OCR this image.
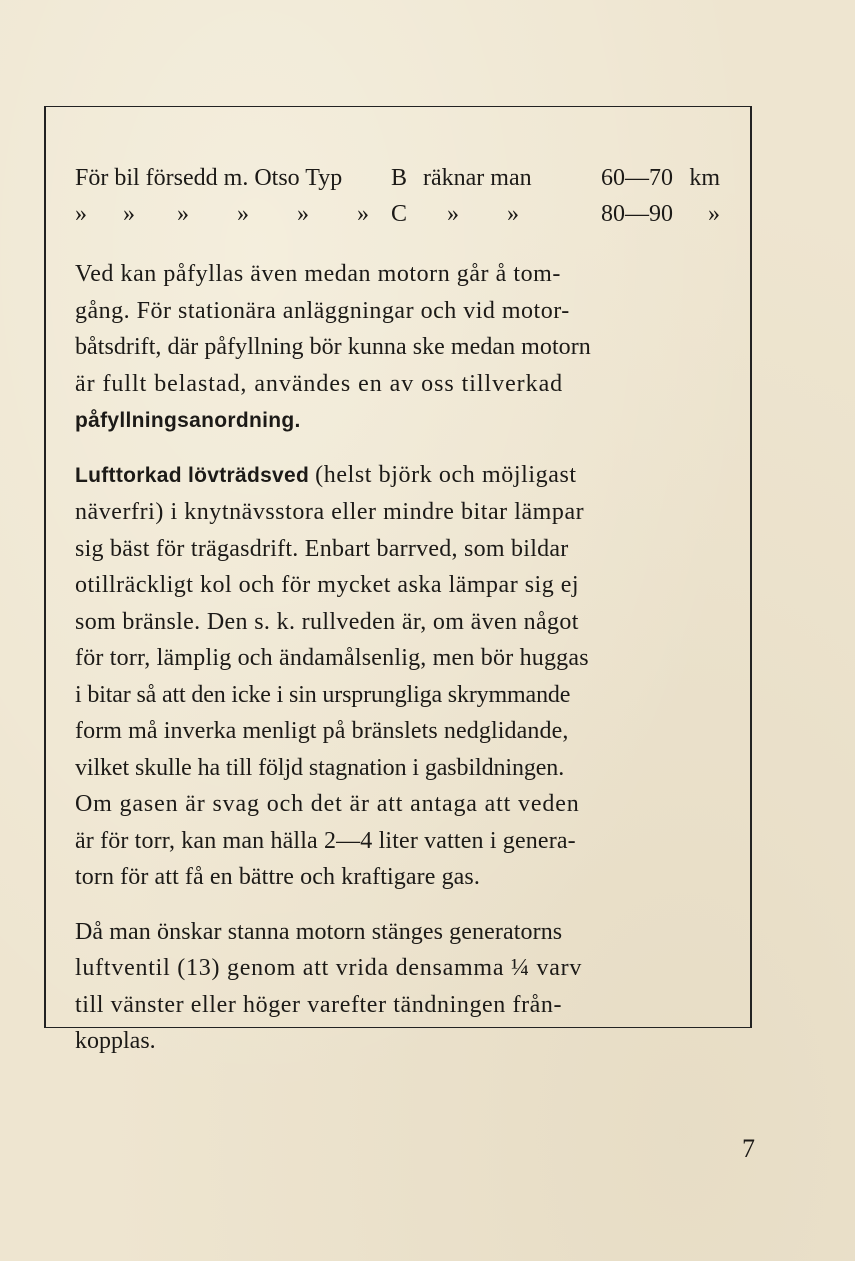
För bil försedd m. Otso Typ	B	räknar man	60—70	km
» » » » » »	C	» »	80—90	»
Ved kan påfyllas även medan motorn går å tom-
gång. För stationära anläggningar och vid motor-
båtsdrift, där påfyllning bör kunna ske medan motorn
är fullt belastad, användes en av oss tillverkad
påfyllningsanordning.
Lufttorkad lövträdsved (helst björk och möjligast
näverfri) i knytnävsstora eller mindre bitar lämpar
sig bäst för trägasdrift. Enbart barrved, som bildar
otillräckligt kol och för mycket aska lämpar sig ej
som bränsle. Den s. k. rullveden är, om även något
för torr, lämplig och ändamålsenlig, men bör huggas
i bitar så att den icke i sin ursprungliga skrymmande
form må inverka menligt på bränslets nedglidande,
vilket skulle ha till följd stagnation i gasbildningen.
Om gasen är svag och det är att antaga att veden
är för torr, kan man hälla 2—4 liter vatten i genera-
torn för att få en bättre och kraftigare gas.
Då man önskar stanna motorn stänges generatorns
luftventil (13) genom att vrida densamma ¼ varv
till vänster eller höger varefter tändningen från-
kopplas.
7
